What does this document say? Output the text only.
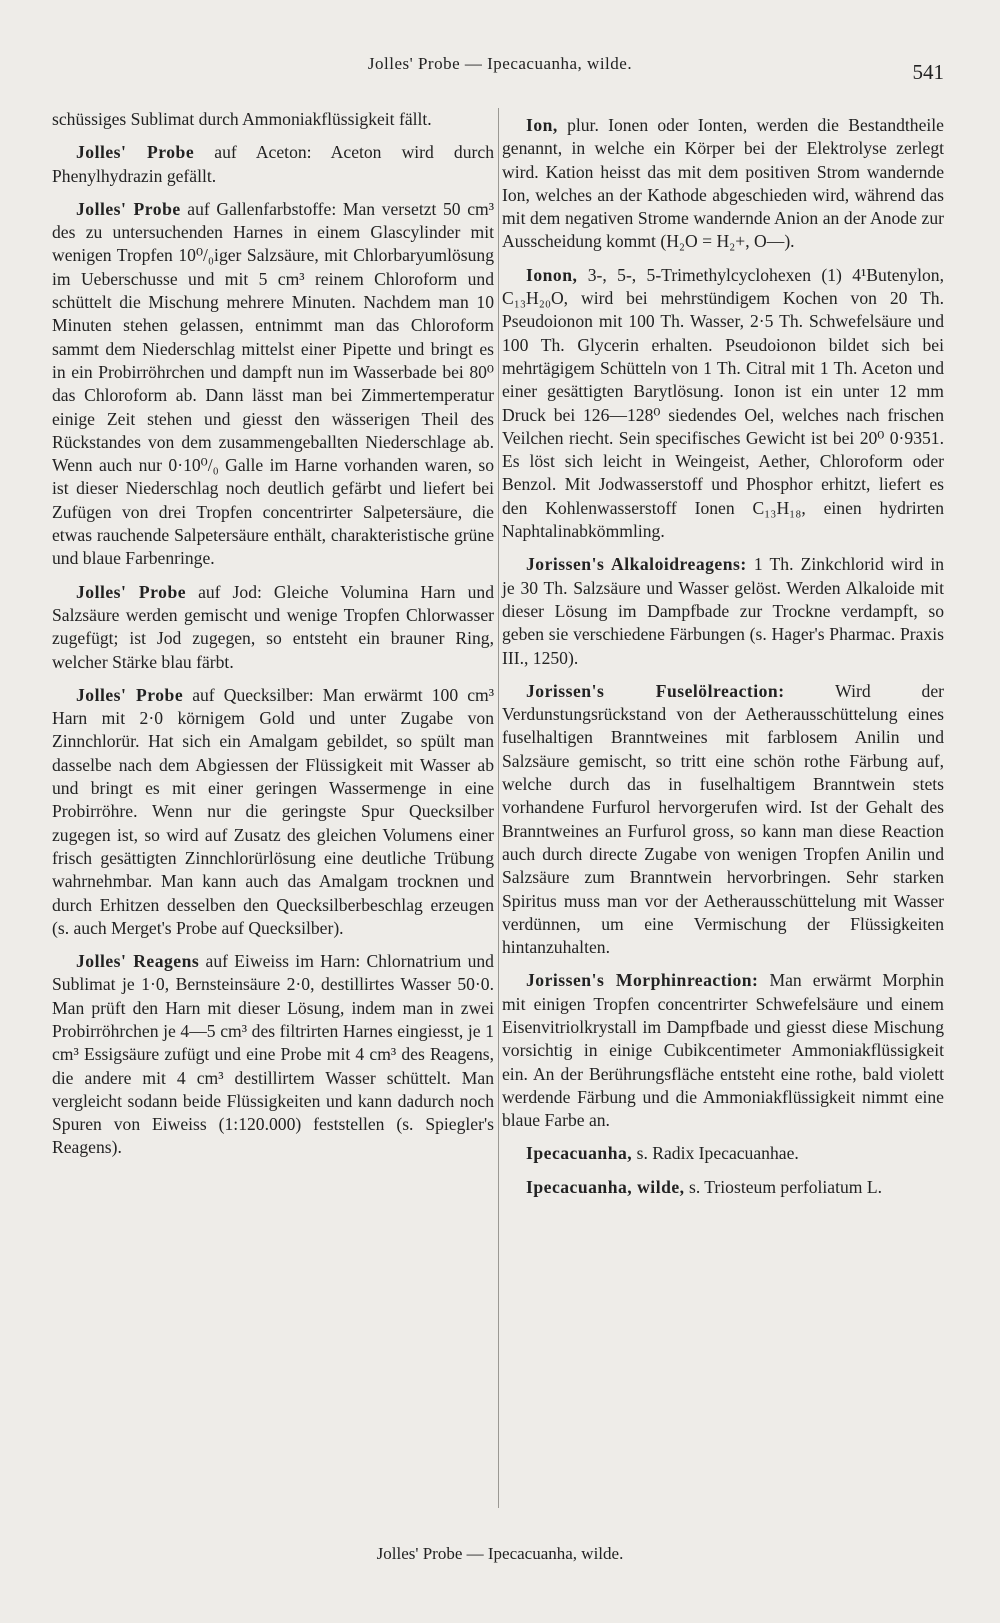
Jolles' Probe — Ipecacuanha, wilde.	541

schüssiges Sublimat durch Ammoniakflüssigkeit fällt.

Jolles' Probe auf Aceton: Aceton wird durch Phenylhydrazin gefällt.

Jolles' Probe auf Gallenfarbstoffe: Man versetzt 50 cm³ des zu untersuchenden Harnes in einem Glascylinder mit wenigen Tropfen 10⁰/₀iger Salzsäure, mit Chlorbaryumlösung im Ueberschusse und mit 5 cm³ reinem Chloroform und schüttelt die Mischung mehrere Minuten. Nachdem man 10 Minuten stehen gelassen, entnimmt man das Chloroform sammt dem Niederschlag mittelst einer Pipette und bringt es in ein Probirröhrchen und dampft nun im Wasserbade bei 80⁰ das Chloroform ab. Dann lässt man bei Zimmertemperatur einige Zeit stehen und giesst den wässerigen Theil des Rückstandes von dem zusammengeballten Niederschlage ab. Wenn auch nur 0·10⁰/₀ Galle im Harne vorhanden waren, so ist dieser Niederschlag noch deutlich gefärbt und liefert bei Zufügen von drei Tropfen concentrirter Salpetersäure, die etwas rauchende Salpetersäure enthält, charakteristische grüne und blaue Farbenringe.

Jolles' Probe auf Jod: Gleiche Volumina Harn und Salzsäure werden gemischt und wenige Tropfen Chlorwasser zugefügt; ist Jod zugegen, so entsteht ein brauner Ring, welcher Stärke blau färbt.

Jolles' Probe auf Quecksilber: Man erwärmt 100 cm³ Harn mit 2·0 körnigem Gold und unter Zugabe von Zinnchlorür. Hat sich ein Amalgam gebildet, so spült man dasselbe nach dem Abgiessen der Flüssigkeit mit Wasser ab und bringt es mit einer geringen Wassermenge in eine Probirröhre. Wenn nur die geringste Spur Quecksilber zugegen ist, so wird auf Zusatz des gleichen Volumens einer frisch gesättigten Zinnchlorürlösung eine deutliche Trübung wahrnehmbar. Man kann auch das Amalgam trocknen und durch Erhitzen desselben den Quecksilberbeschlag erzeugen (s. auch Merget's Probe auf Quecksilber).

Jolles' Reagens auf Eiweiss im Harn: Chlornatrium und Sublimat je 1·0, Bernsteinsäure 2·0, destillirtes Wasser 50·0. Man prüft den Harn mit dieser Lösung, indem man in zwei Probirröhrchen je 4—5 cm³ des filtrirten Harnes eingiesst, je 1 cm³ Essigsäure zufügt und eine Probe mit 4 cm³ des Reagens, die andere mit 4 cm³ destillirtem Wasser schüttelt. Man vergleicht sodann beide Flüssigkeiten und kann dadurch noch Spuren von Eiweiss (1:120.000) feststellen (s. Spiegler's Reagens).

Ion, plur. Ionen oder Ionten, werden die Bestandtheile genannt, in welche ein Körper bei der Elektrolyse zerlegt wird. Kation heisst das mit dem positiven Strom wandernde Ion, welches an der Kathode abgeschieden wird, während das mit dem negativen Strome wandernde Anion an der Anode zur Ausscheidung kommt (H₂O = H₂+, O—).

Ionon, 3-, 5-, 5-Trimethylcyclohexen (1) 4¹Butenylon, C₁₃H₂₀O, wird bei mehrstündigem Kochen von 20 Th. Pseudoionon mit 100 Th. Wasser, 2·5 Th. Schwefelsäure und 100 Th. Glycerin erhalten. Pseudoionon bildet sich bei mehrtägigem Schütteln von 1 Th. Citral mit 1 Th. Aceton und einer gesättigten Barytlösung. Ionon ist ein unter 12 mm Druck bei 126—128⁰ siedendes Oel, welches nach frischen Veilchen riecht. Sein specifisches Gewicht ist bei 20⁰ 0·9351. Es löst sich leicht in Weingeist, Aether, Chloroform oder Benzol. Mit Jodwasserstoff und Phosphor erhitzt, liefert es den Kohlenwasserstoff Ionen C₁₃H₁₈, einen hydrirten Naphtalinabkömmling.

Jorissen's Alkaloidreagens: 1 Th. Zinkchlorid wird in je 30 Th. Salzsäure und Wasser gelöst. Werden Alkaloide mit dieser Lösung im Dampfbade zur Trockne verdampft, so geben sie verschiedene Färbungen (s. Hager's Pharmac. Praxis III., 1250).

Jorissen's Fuselölreaction: Wird der Verdunstungsrückstand von der Aetherausschüttelung eines fuselhaltigen Branntweines mit farblosem Anilin und Salzsäure gemischt, so tritt eine schön rothe Färbung auf, welche durch das in fuselhaltigem Branntwein stets vorhandene Furfurol hervorgerufen wird. Ist der Gehalt des Branntweines an Furfurol gross, so kann man diese Reaction auch durch directe Zugabe von wenigen Tropfen Anilin und Salzsäure zum Branntwein hervorbringen. Sehr starken Spiritus muss man vor der Aetherausschüttelung mit Wasser verdünnen, um eine Vermischung der Flüssigkeiten hintanzuhalten.

Jorissen's Morphinreaction: Man erwärmt Morphin mit einigen Tropfen concentrirter Schwefelsäure und einem Eisenvitriolkrystall im Dampfbade und giesst diese Mischung vorsichtig in einige Cubikcentimeter Ammoniakflüssigkeit ein. An der Berührungsfläche entsteht eine rothe, bald violett werdende Färbung und die Ammoniakflüssigkeit nimmt eine blaue Farbe an.

Ipecacuanha, s. Radix Ipecacuanhae.

Ipecacuanha, wilde, s. Triosteum perfoliatum L.

Jolles' Probe — Ipecacuanha, wilde.
